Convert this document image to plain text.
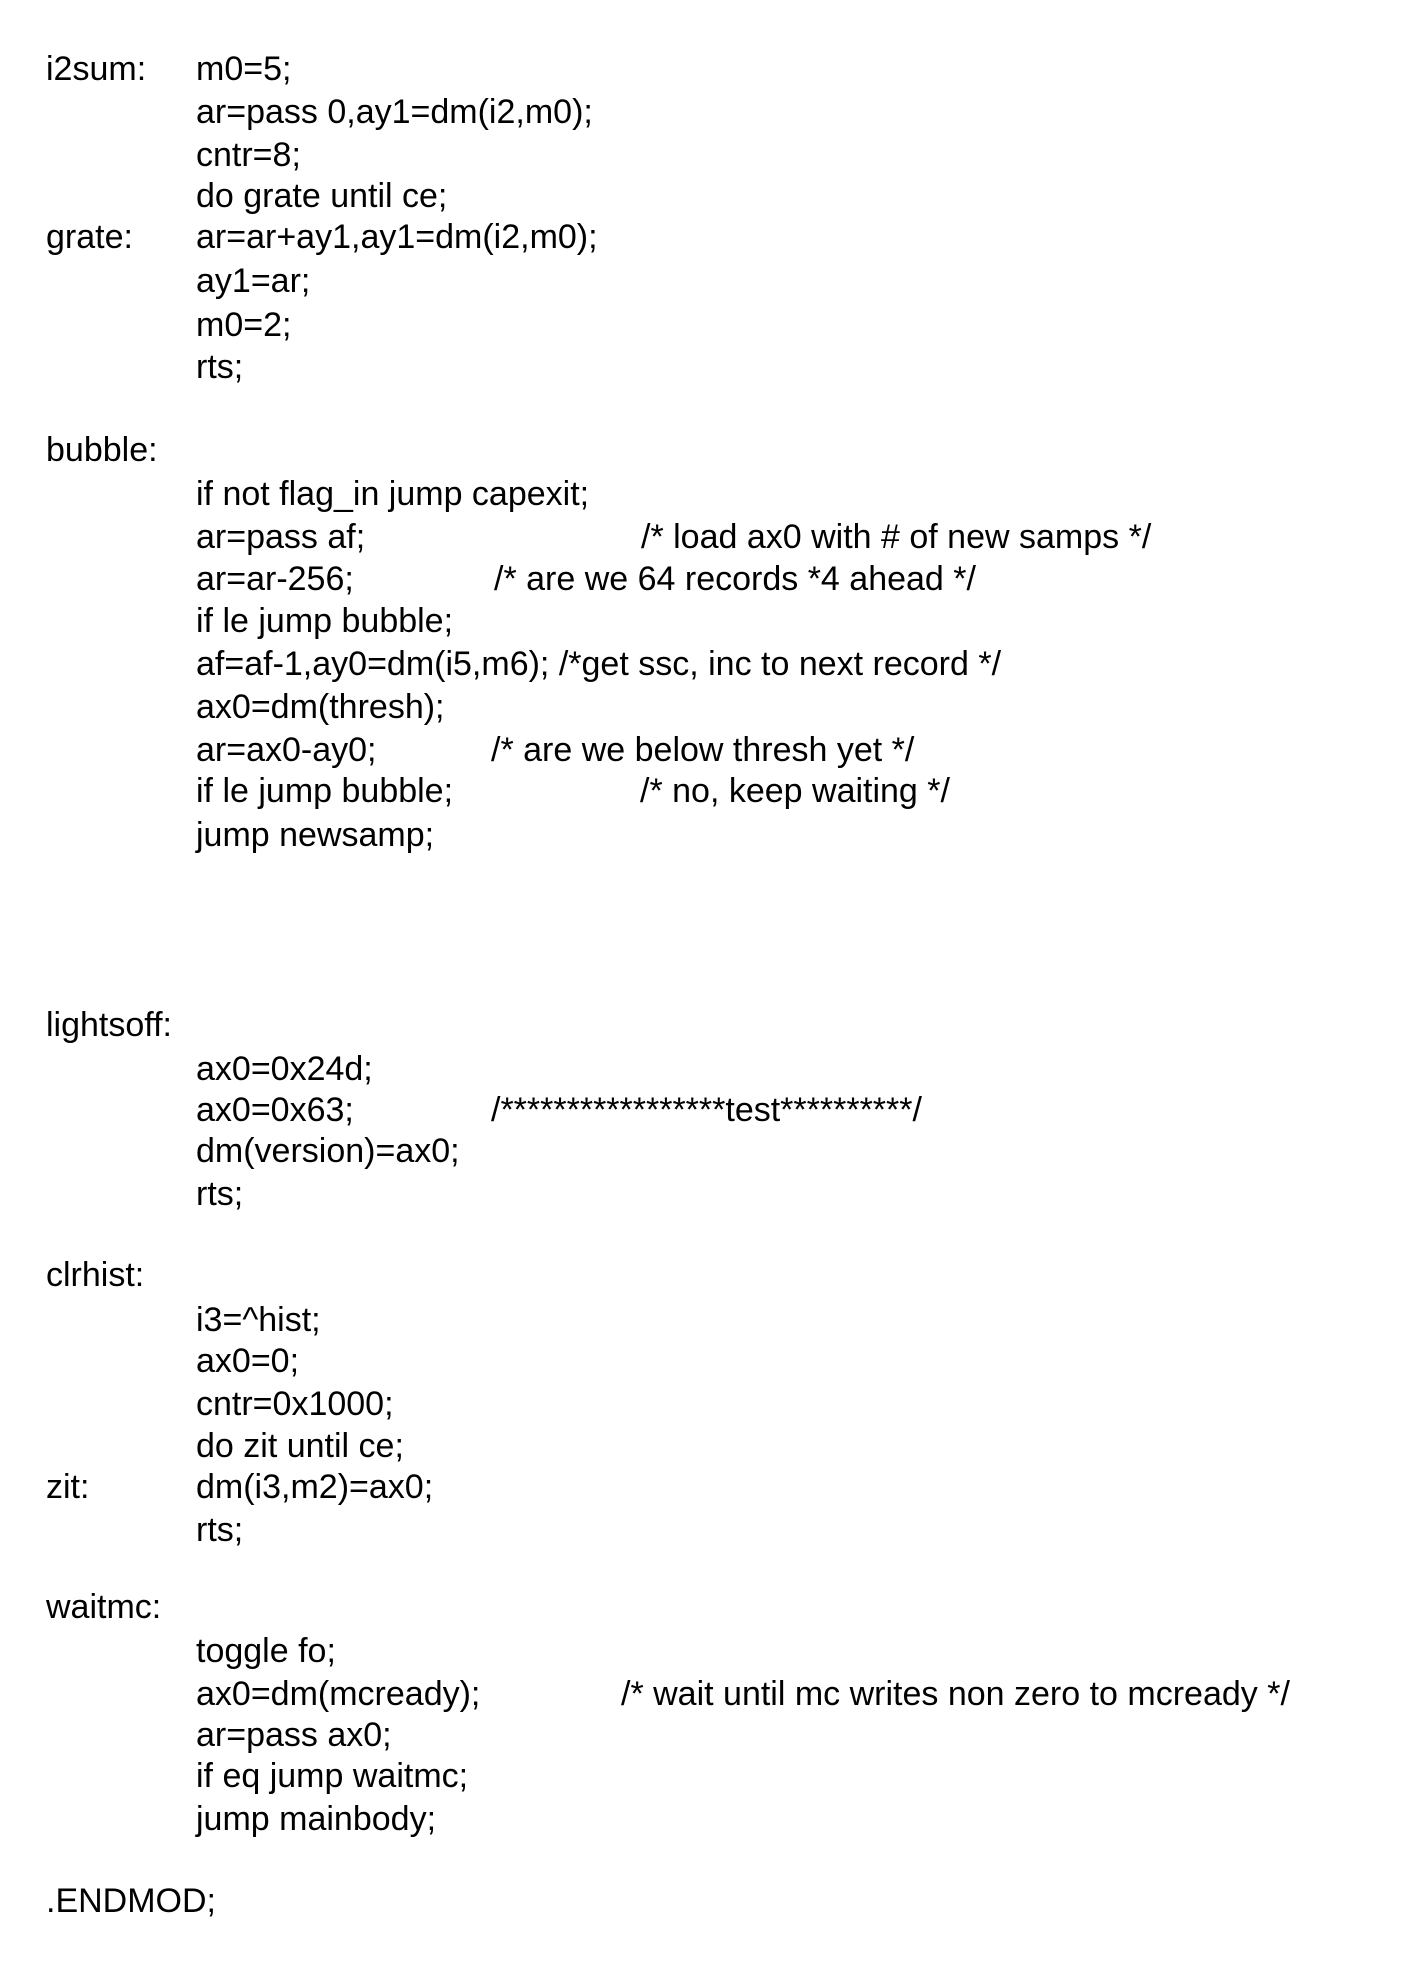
i2sum: m0=5;
ar=pass 0,ay1=dm(i2,m0);
cntr=8;
do grate until ce;
grate: ar=ar+ay1,ay1=dm(i2,m0);
ay1=ar;
m0=2;
rts;
bubble:
if not flag_in jump capexit;
ar=pass af;	/* load ax0 with # of new samps */
ar=ar-256;	/* are we 64 records *4 ahead */
if le jump bubble;
af=af-1,ay0=dm(i5,m6); /*get ssc, inc to next record */
ax0=dm(thresh);
ar=ax0-ay0;	/* are we below thresh yet */
if le jump bubble;	/* no, keep waiting */
jump newsamp;
lightsoff:
ax0=0x24d;
ax0=0x63;	/*****************test**********/
dm(version)=ax0;
rts;
clrhist:
i3=^hist;
ax0=0;
cntr=0x1000;
do zit until ce;
zit:	dm(i3,m2)=ax0;
rts;
waitmc:
toggle fo;
ax0=dm(mcready);	/* wait until mc writes non zero to mcready */
ar=pass ax0;
if eq jump waitmc;
jump mainbody;
.ENDMOD;
